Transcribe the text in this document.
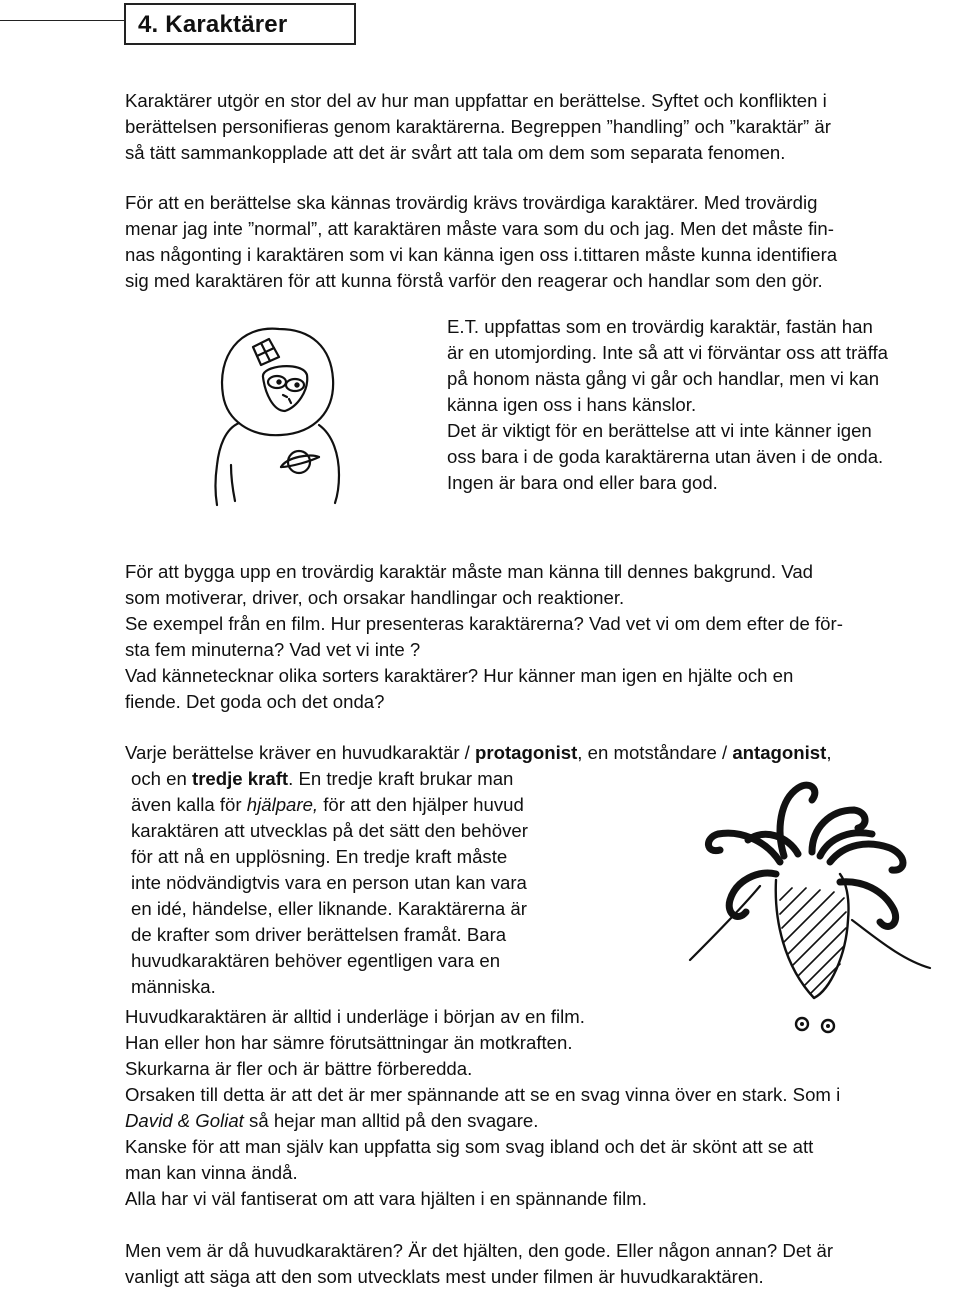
4. Karaktärer

Karaktärer utgör en stor del av hur man uppfattar en berättelse. Syftet och konflikten i
berättelsen personifieras genom karaktärerna. Begreppen ”handling” och ”karaktär” är
så tätt sammankopplade att det är svårt att tala om dem som separata fenomen.

För att en berättelse ska kännas trovärdig krävs trovärdiga karaktärer. Med trovärdig
menar jag inte ”normal”, att karaktären måste vara som du och jag. Men det måste fin-
nas någonting i karaktären som vi kan känna igen oss i.tittaren måste kunna identifiera
sig med karaktären för att kunna förstå varför den reagerar och handlar som den gör.

E.T. uppfattas som en trovärdig karaktär, fastän han
är en utomjording. Inte så att vi förväntar oss att träffa
på honom nästa gång vi går och handlar, men vi kan
känna igen oss i hans känslor.
Det är viktigt för en berättelse att vi inte känner igen
oss bara i de goda karaktärerna utan även i de onda.
Ingen är bara ond eller bara god.

För att bygga upp en trovärdig karaktär måste man känna till dennes bakgrund. Vad
som motiverar, driver, och orsakar handlingar och reaktioner.
Se exempel från en film. Hur presenteras karaktärerna? Vad vet vi om dem efter de för-
sta fem minuterna? Vad vet vi inte ?
Vad kännetecknar olika sorters karaktärer? Hur känner man igen en hjälte och en
fiende. Det goda och det onda?

Varje berättelse kräver en huvudkaraktär / protagonist, en motståndare / antagonist,

och en tredje kraft. En tredje kraft brukar man
även kalla för hjälpare, för att den hjälper huvud
karaktären att utvecklas på det sätt den behöver
för att nå en upplösning. En tredje kraft måste
inte nödvändigtvis vara en person utan kan vara
en idé, händelse, eller liknande. Karaktärerna är
de krafter som driver berättelsen framåt. Bara
huvudkaraktären behöver egentligen vara en
människa.

Huvudkaraktären är alltid i underläge i början av en film.
Han eller hon har sämre förutsättningar än motkraften.
Skurkarna är fler och är bättre förberedda.
Orsaken till detta är att det är mer spännande att se en svag vinna över en stark. Som i
David & Goliat så hejar man alltid på den svagare.
Kanske för att man själv kan uppfatta sig som svag ibland och det är skönt att se att
man kan vinna ändå.
Alla har vi väl fantiserat om att vara hjälten i en spännande film.

Men vem är då huvudkaraktären? Är det hjälten, den gode. Eller någon annan? Det är
vanligt att säga att den som utvecklats mest under filmen är huvudkaraktären.
